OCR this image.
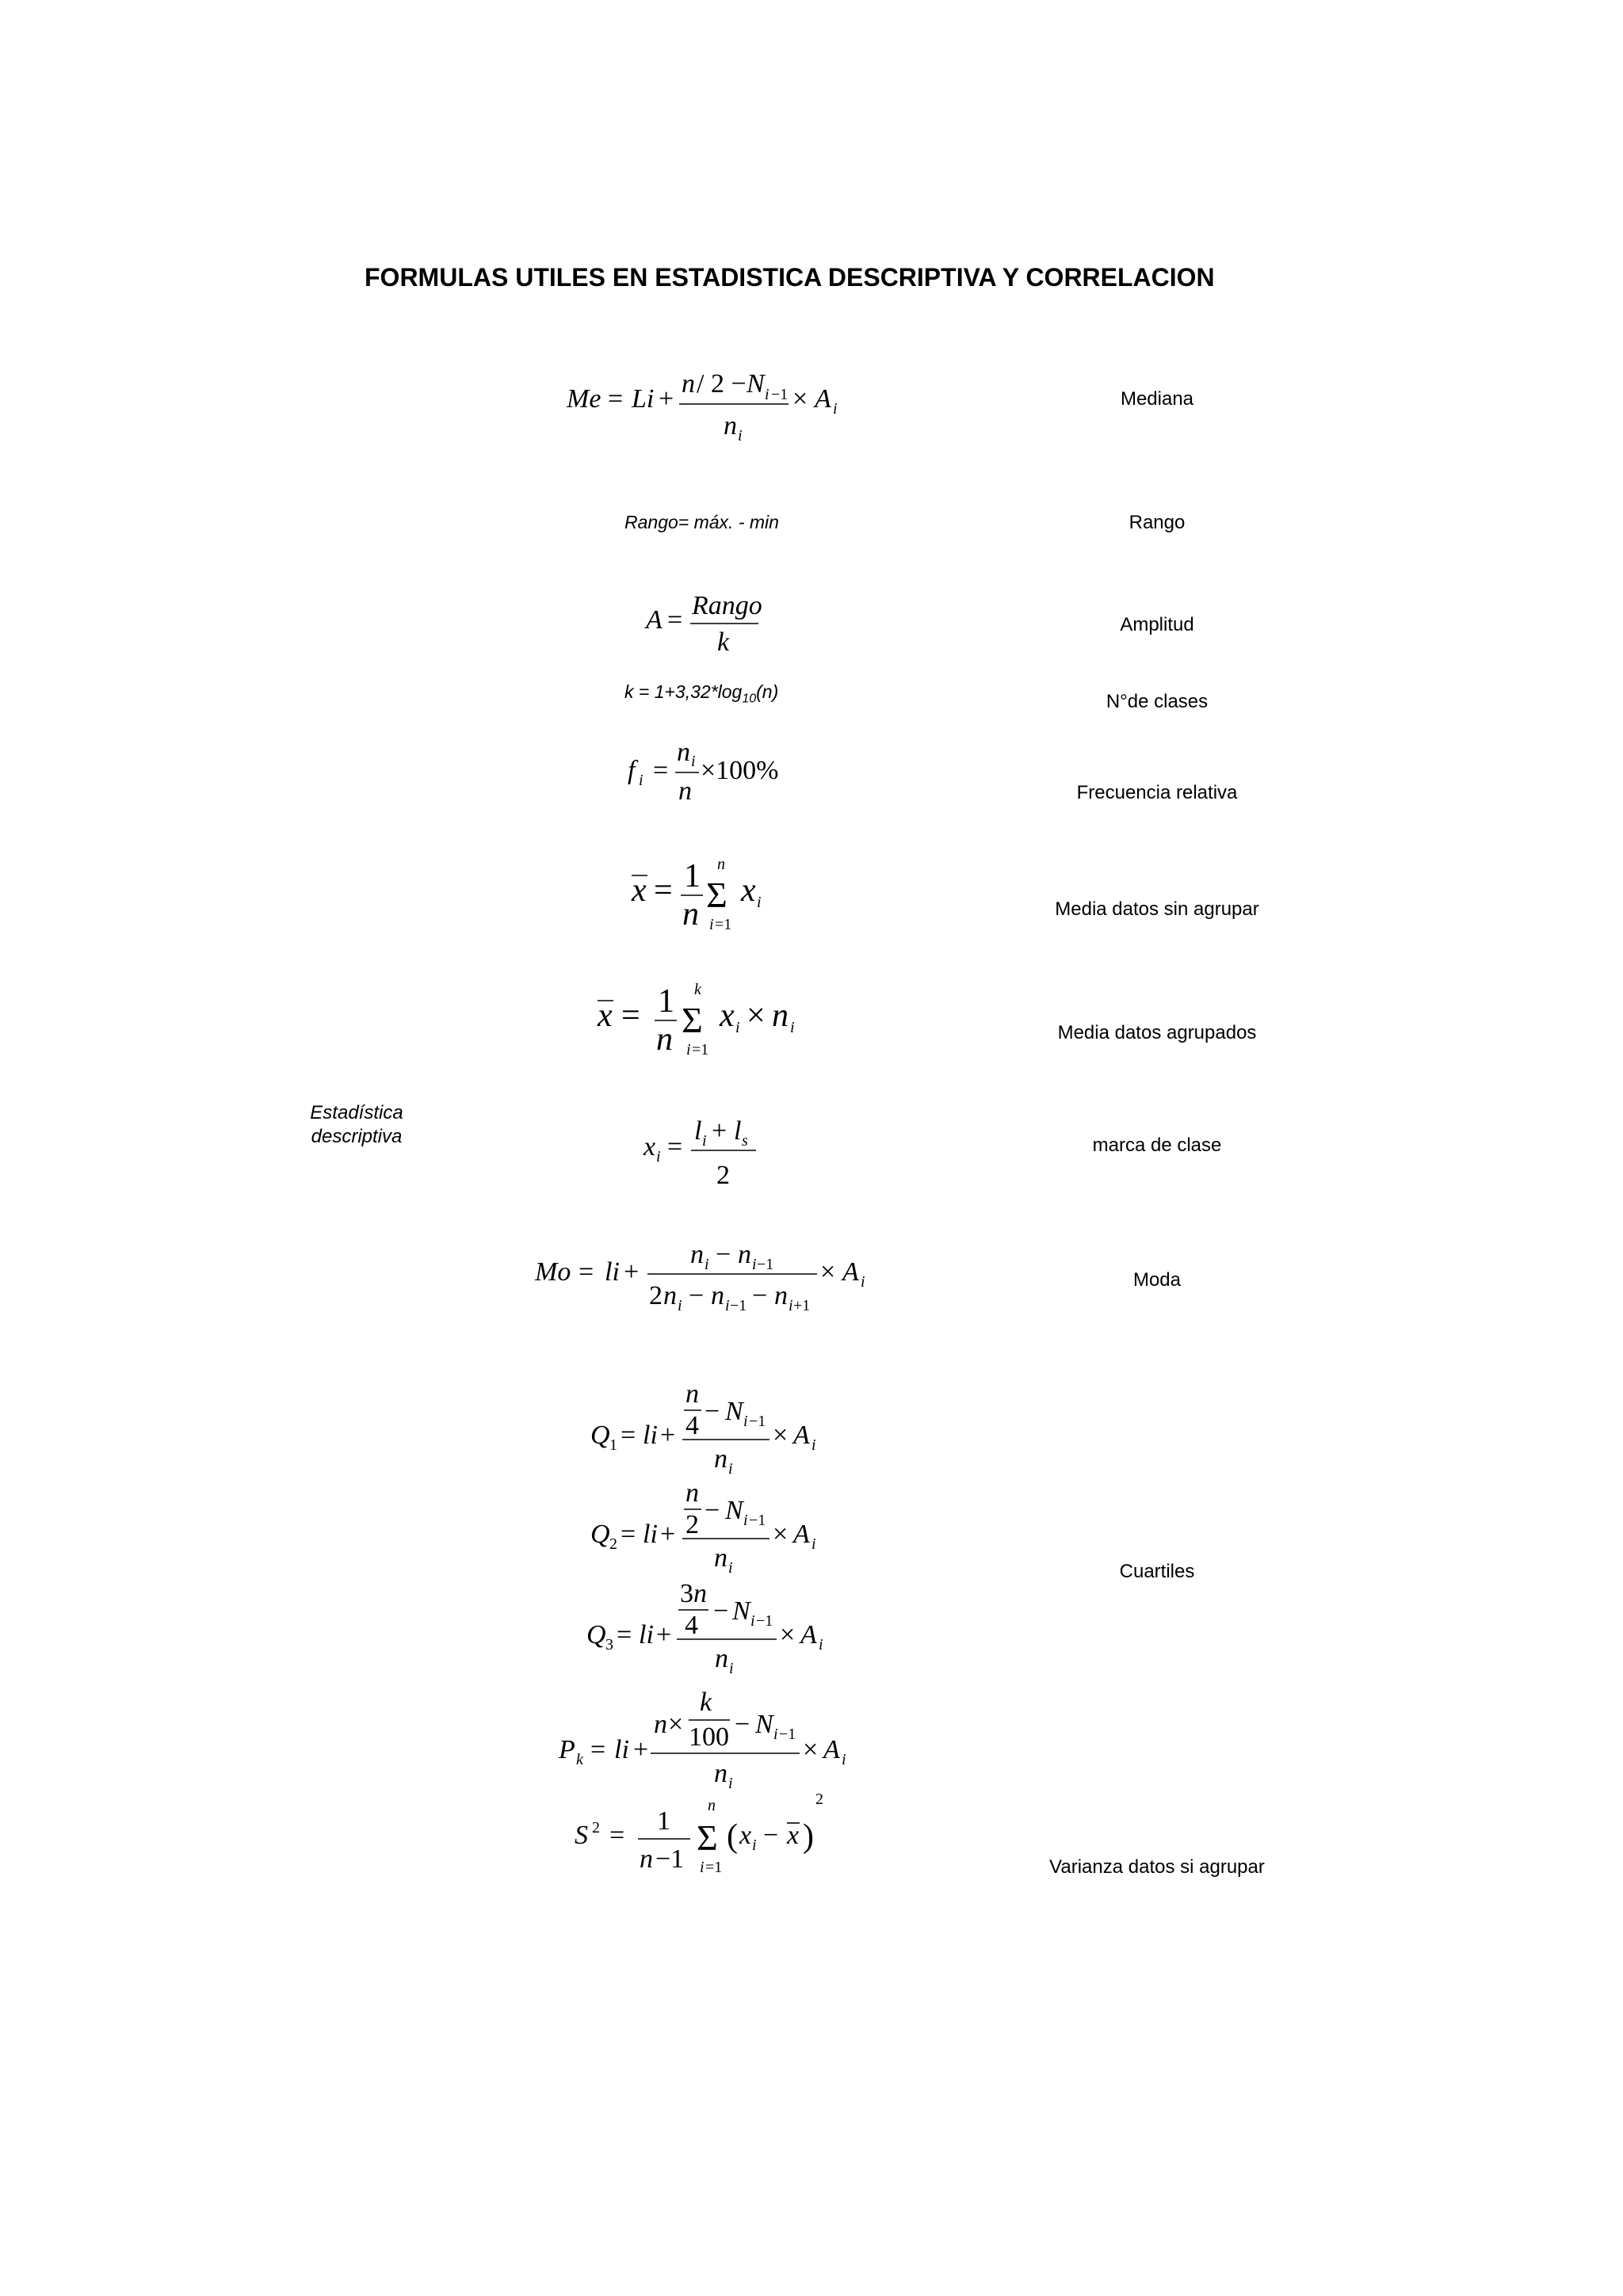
FORMULAS UTILES EN ESTADISTICA DESCRIPTIVA Y CORRELACION
Estadística
descriptiva
Mediana
Rango
Amplitud
N°de clases
Frecuencia relativa
Media datos sin agrupar
Media datos agrupados
marca de clase
Moda
Cuartiles
Varianza datos si agrupar
Rango= máx. - min
$k = 1+3,32*\log_{10}(n)$
Me = Li +
n / 2 − N i −1
n i
× A i
A = Rango
k
f i =
n i
n
×100%
x = 1
n
n
Σ
i =1
x i
x = 1
n
k
Σ
i =1
x i × n i
x i =
l i + l s
2
Mo = li +
n i − n i −1
2 n i − n i −1 − n i +1
× A i
Q 1 = li +
n
4 − N i −1
n i
× A i
Q 2 = li +
n
2 − N i −1
n i
× A i
Q 3 = li +
3 n
4 − N i −1
n i
× A i
P k = li +
n ×
k
100 − N i −1
n i
× A i
S 2 = 1
n −1
n
Σ
i =1
( x i − x )
2
